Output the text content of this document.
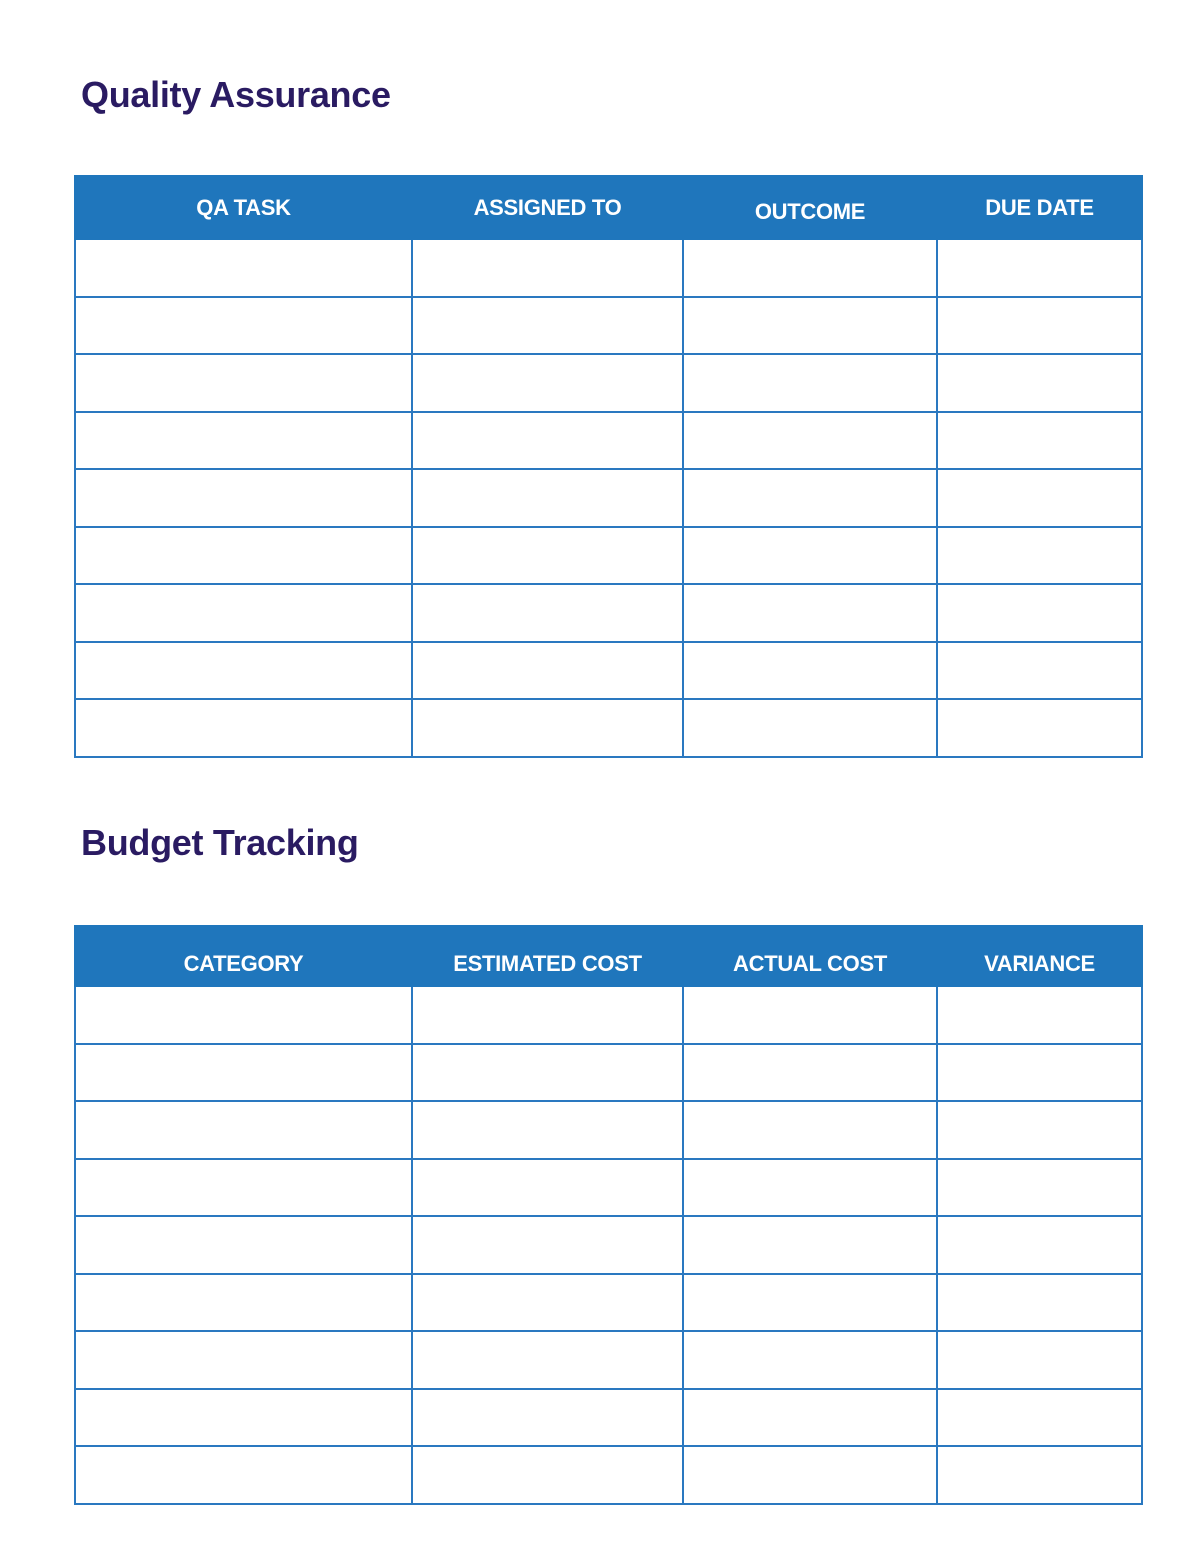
Quality Assurance
QA TASK	ASSIGNED TO	OUTCOME	DUE DATE

Budget Tracking
CATEGORY	ESTIMATED COST	ACTUAL COST	VARIANCE
